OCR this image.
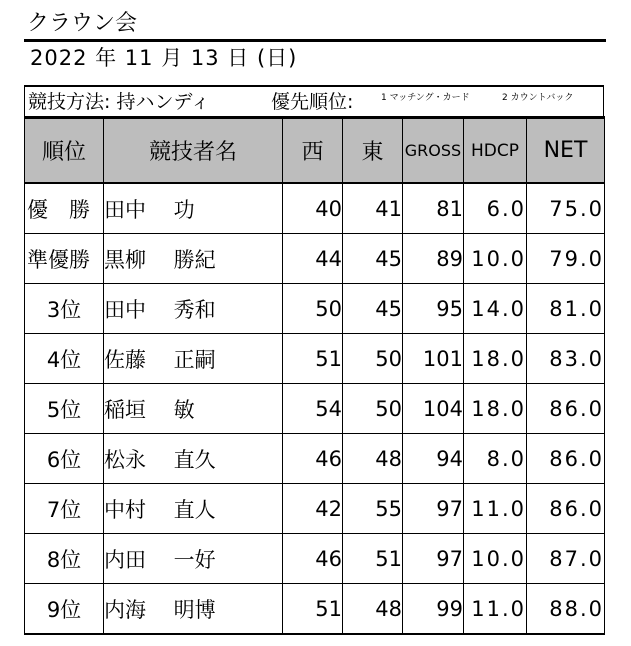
クラウン会
2022 年 11 月 13 日 (日)
競技方法: 持ハンディ	優先順位:	1 マッチング・カード	2 カウントバック
順位	競技者名	西	東	GROSS	HDCP	NET
優　勝	田中　 功	40	41	81	6.0	75.0
準優勝	黒柳　 勝紀	44	45	89	10.0	79.0
3位	田中　 秀和	50	45	95	14.0	81.0
4位	佐藤　 正嗣	51	50	101	18.0	83.0
5位	稲垣　 敏	54	50	104	18.0	86.0
6位	松永　 直久	46	48	94	8.0	86.0
7位	中村　 直人	42	55	97	11.0	86.0
8位	内田　 一好	46	51	97	10.0	87.0
9位	内海　 明博	51	48	99	11.0	88.0
